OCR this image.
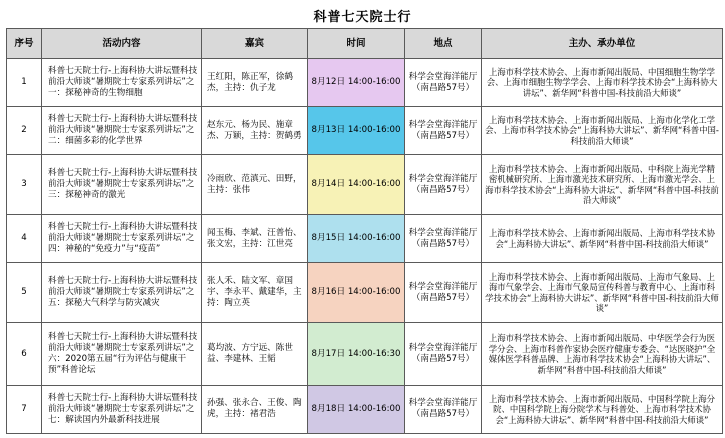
科普七天院士行
序号	活动内容	嘉宾	时间	地点	主办、承办单位
1	科普七天院士行-上海科协大讲坛暨科技前沿大师谈“暑期院士专家系列讲坛”之一：探秘神奇的生物细胞	王红阳，陈正军，徐鹤杰，主持：仇子龙	8月12日 14:00-16:00	科学会堂海洋能厅（南昌路57号）	上海市科学技术协会、上海市新闻出版局、中国细胞生物学学会、上海市细胞生物学学会、上海市科学技术协会“上海科协大讲坛”、新华网“科普中国-科技前沿大师谈”
2	科普七天院士行-上海科协大讲坛暨科技前沿大师谈“暑期院士专家系列讲坛”之二：细菌多彩的化学世界	赵东元、杨为民、施章杰、万颖，主持：贺鹤勇	8月13日 14:00-16:00	科学会堂海洋能厅（南昌路57号）	上海市科学技术协会、上海市新闻出版局、上海市化学化工学会、上海市科学技术协会“上海科协大讲坛”、新华网“科普中国-科技前沿大师谈”
3	科普七天院士行-上海科协大讲坛暨科技前沿大师谈“暑期院士专家系列讲坛”之三：探秘神奇的激光	冷雨欣、范滇元、田野，主持：张伟	8月14日 14:00-16:00	科学会堂海洋能厅（南昌路57号）	上海市科学技术协会、上海市新闻出版局、中科院上海光学精密机械研究所、上海市激光技术研究所、上海市激光学会、上海市科学技术协会“上海科协大讲坛”、新华网“科普中国-科技前沿大师谈”
4	科普七天院士行-上海科协大讲坛暨科技前沿大师谈“暑期院士专家系列讲坛”之四：神秘的“免疫力”与“疫苗”	闻玉梅、李斌、汪普怡、张文宏，主持：江世亮	8月15日 14:00-16:00	科学会堂海洋能厅（南昌路57号）	上海市科学技术协会、上海市新闻出版局、上海市科学技术协会“上海科协大讲坛”、新华网“科普中国-科技前沿大师谈”
5	科普七天院士行-上海科协大讲坛暨科技前沿大师谈“暑期院士专家系列讲坛”之五：探秘大气科学与防灾减灾	张人禾、陆文军、章国宇、李永平、戴建华，主持：陶立英	8月16日 14:00-16:00	科学会堂海洋能厅（南昌路57号）	上海市科学技术协会、上海市新闻出版局、上海市气象局、上海市气象学会、上海市气象局宣传科普与教育中心、上海市科学技术协会“上海科协大讲坛”、新华网“科普中国-科技前沿大师谈”
6	科普七天院士行-上海科协大讲坛暨科技前沿大师谈“暑期院士专家系列讲坛”之六：2020第五届“行为评估与健康干预”科普论坛	葛均波、方宁远、陈世益、李建林、王韬	8月17日 14:00-16:30	科学会堂海洋能厅（南昌路57号）	上海市科学技术协会、上海市新闻出版局、中华医学会行为医学分会、上海市科普作家协会医疗健康专委会、“达医晓护”全媒体医学科普品牌、上海市科学技术协会“上海科协大讲坛”、新华网“科普中国-科技前沿大师谈”
7	科普七天院士行-上海科协大讲坛暨科技前沿大师谈“暑期院士专家系列讲坛”之七：解读国内外最新科技进展	孙强、张永合、王俊、陶虎，主持：褚君浩	8月18日 14:00-16:00	科学会堂海洋能厅（南昌路57号）	上海市科学技术协会、上海市新闻出版局、中国科学院上海分院、中国科学院上海分院学术与科普处、上海市科学技术协会“上海科协大讲坛”、新华网“科普中国-科技前沿大师谈”
